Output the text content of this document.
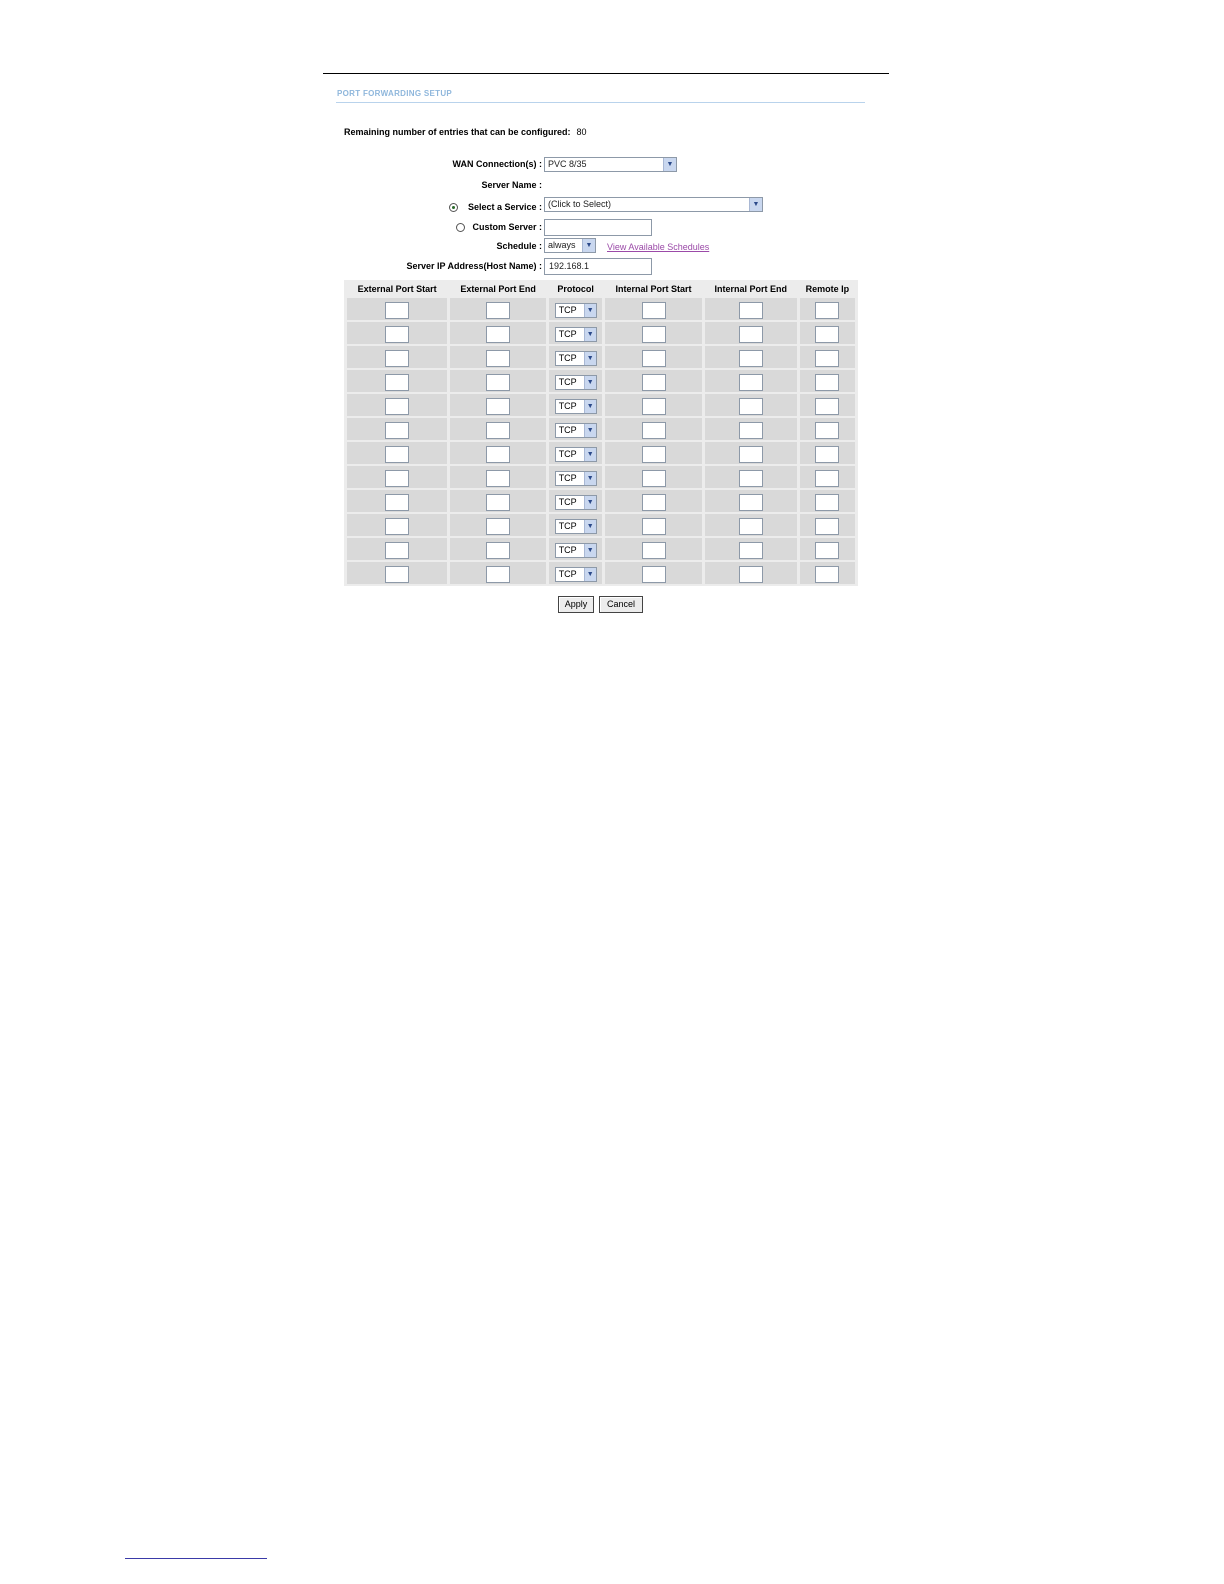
PORT FORWARDING SETUP
Remaining number of entries that can be configured: 80
WAN Connection(s) : PVC 8/35	▼
Server Name :
Select a Service : (Click to Select)	▼
Custom Server :
Schedule : always	▼ View Available Schedules
Server IP Address(Host Name) : 192.168.1
External Port Start	External Port End	Protocol	Internal Port Start	Internal Port End	Remote Ip
		TCP ▼			

		TCP ▼			

		TCP ▼			

		TCP ▼			

		TCP ▼			

		TCP ▼			

		TCP ▼			

		TCP ▼			

		TCP ▼			

		TCP ▼			

		TCP ▼			

		TCP ▼			

Apply	Cancel
